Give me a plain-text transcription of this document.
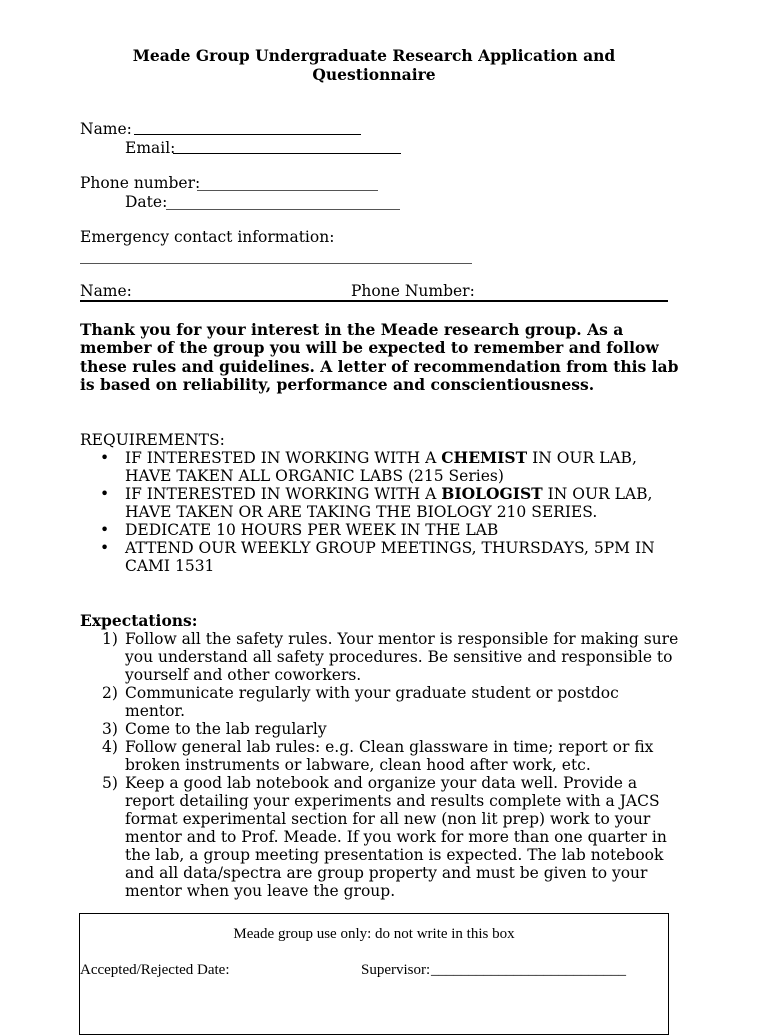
Meade Group Undergraduate Research Application and Questionnaire
Name:
Email:
Phone number:
Date:
Emergency contact information:
Name:	Phone Number:
Thank you for your interest in the Meade research group. As a member of the group you will be expected to remember and follow these rules and guidelines. A letter of recommendation from this lab is based on reliability, performance and conscientiousness.
REQUIREMENTS:
• IF INTERESTED IN WORKING WITH A CHEMIST IN OUR LAB, HAVE TAKEN ALL ORGANIC LABS (215 Series)
• IF INTERESTED IN WORKING WITH A BIOLOGIST IN OUR LAB, HAVE TAKEN OR ARE TAKING THE BIOLOGY 210 SERIES.
• DEDICATE 10 HOURS PER WEEK IN THE LAB
• ATTEND OUR WEEKLY GROUP MEETINGS, THURSDAYS, 5PM IN CAMI 1531
Expectations:
1) Follow all the safety rules. Your mentor is responsible for making sure you understand all safety procedures. Be sensitive and responsible to yourself and other coworkers.
2) Communicate regularly with your graduate student or postdoc mentor.
3) Come to the lab regularly
4) Follow general lab rules: e.g. Clean glassware in time; report or fix broken instruments or labware, clean hood after work, etc.
5) Keep a good lab notebook and organize your data well. Provide a report detailing your experiments and results complete with a JACS format experimental section for all new (non lit prep) work to your mentor and to Prof. Meade. If you work for more than one quarter in the lab, a group meeting presentation is expected. The lab notebook and all data/spectra are group property and must be given to your mentor when you leave the group.
Meade group use only: do not write in this box
Accepted/Rejected Date:	Supervisor: __________________________
